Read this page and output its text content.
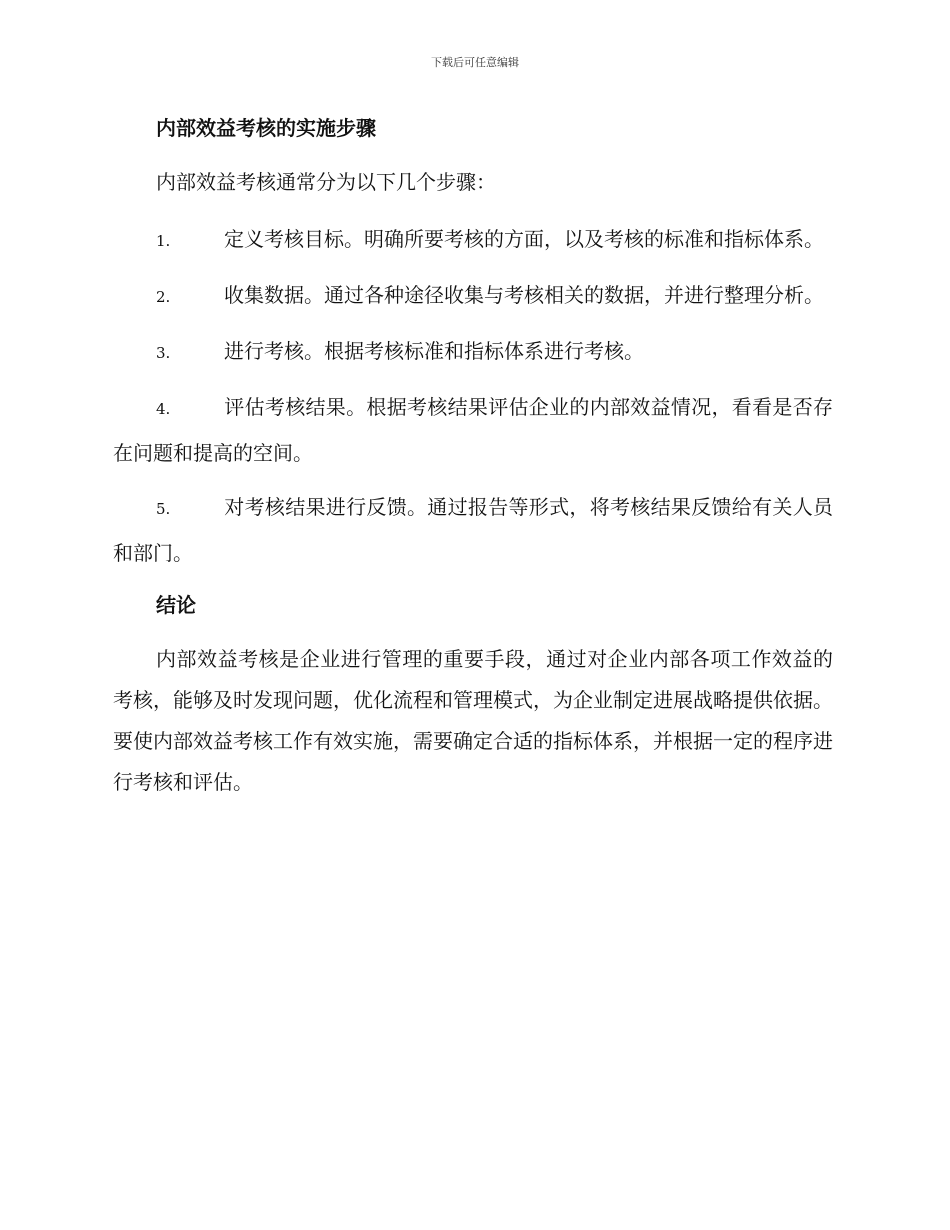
下载后可任意编辑
内部效益考核的实施步骤

内部效益考核通常分为以下几个步骤：

1.	定义考核目标。明确所要考核的方面，以及考核的标准和指标体系。

2.	收集数据。通过各种途径收集与考核相关的数据，并进行整理分析。

3.	进行考核。根据考核标准和指标体系进行考核。

4.	评估考核结果。根据考核结果评估企业的内部效益情况，看看是否存在问题和提高的空间。

5.	对考核结果进行反馈。通过报告等形式，将考核结果反馈给有关人员和部门。

结论

内部效益考核是企业进行管理的重要手段，通过对企业内部各项工作效益的考核，能够及时发现问题，优化流程和管理模式，为企业制定进展战略提供依据。要使内部效益考核工作有效实施，需要确定合适的指标体系，并根据一定的程序进行考核和评估。
